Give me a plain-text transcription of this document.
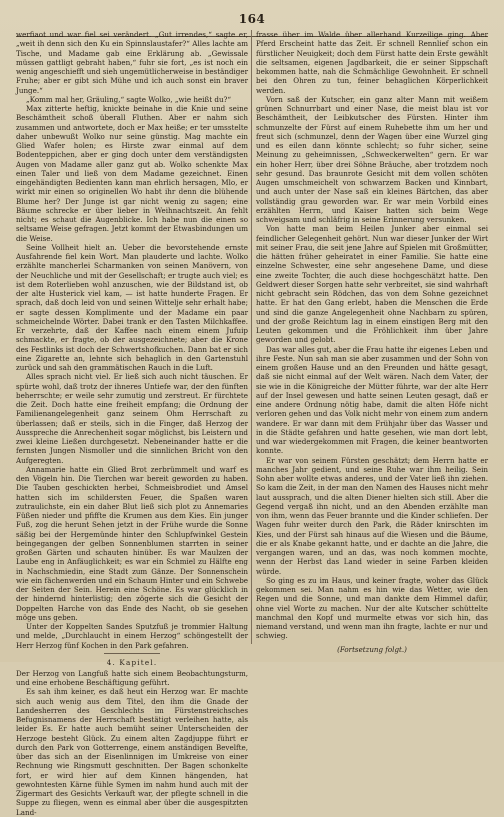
164

werfiaot und war fiel sei verändert. „Gut irrendes,“ sagte er, „weit ih denn sich den Ku ein Spinnslaustafer?“ Alles lachte am Tische, und Madame gab eine Erklärung ab. „Gewissale müssen gattligt gebraht haben,“ fuhr sie fort, „es ist noch ein wenig angeschiefft und sieh ungemütlicherweise in beständiger Fruhe; aber er gibt sich Mühe und ich auch sonst ein braver Junge.“

„Komm mal her, Gräuling,“ sagte Wolko, „wie heißt du?“

Max zitterte heftig, knickte beinahe in die Knie und seine Beschämtheit schoß überall Fluthen. Aber er nahm sich zusammen und antwortete, doch er Max heiße; er ter umsstelte daher unbewußt Wolko nur seine günstig. Mag machte ein Glied Wafer holen; es Hirste zwar einmal auf dem Bodenteppichen, aber er ging doch unter dem verständigsten Augen von Madame aller ganz gut ab. Wolko schenkte Max einen Taler und ließ von dem Madame gezeichnet. Einen eingehändigten Bedienten kann man ehrlich hersagen, Mlo, er wirkt mir einen so originellen Wo habt ihr denn die blühende Blume her? Der Junge ist gar nicht wenig zu sagen; eine Bäume schrecke er über lieber in Weihnachtszeit. An fehlt nicht; es schaut die Augenblicke. Ich habe nun die einen so seltsame Weise gefragen. Jetzt kommt der Etwasbindungen um die Weise.

Seine Vollheit hielt an. Ueber die bevorstehende ernste Ausfahrende fiel kein Wort. Man plauderte und lachte. Wolko erzählte mancherlei Scharmanken von seinen Manövern, von der Neuchliche und mit der Gesellschaft; er trugte auch viel; es ist dem Roterlieben wohl anzuschen, wie der Bildstand ist, ob der alte Husterick viel kam, — ist hatte hunderte Fragen. Er sprach, daß doch leid von und seinen Wittelje sehr erhalt habe; er sagte dessen Komplimente und der Madame ein paar schmeichelnde Wörter. Dabei trank er den Tasten Milchkaffee. Er verzehrte, daß der Kaffee nach einem einem Jufuip schmackte, er fragte, ob der ausgezeichnete; aber die Krone des Festlinks ist doch der Schwertshofkuchen. Dann bat er sich eine Zigarette an, lehnte sich behaglich in den Gartenstuhl zurück und sah den grammätischen Rauch in die Luft.

Alles sprach nicht viel. Er ließ sich auch nicht täuschen. Er spürte wohl, daß trotz der ihneres Untiefe war, der den fünften beherrschte; er weile sehr zumutig und zerstreut. Er fürchtete die Zeit. Doch hatte eine freiheit empfang; die Ordnung der Familienangelegenheit ganz seinem Ohm Herrschaft zu überlassen; daß er steils, sich in die Finger, daß Herzog der Ausspreche die Anrechenheit sogar möglichst, bis Leistern und zwei kleine Ließen durchgesetzt. Nebeneinander hatte er die fernsten Jungen Nismoller und die sinnlichen Bricht von den Aufgeregten.

Annamarie hatte ein Glied Brot zerbrümmelt und warf es den Vögeln hin. Die Tierchen war bereit geworden zu haben. Die Tauben geschickten herbei, Schmeisbrodiet und Amsel hatten sich im schildersten Feuer, die Spaßen waren zutraulichste, ein ein daher Blut ließ sich plot zu Annemaries Füßen nieder und pfiffte die Krumen aus dem Kies. Ein junger Fuß, zog die herunt Sehen jetzt in der Frühe wurde die Sonne säßig bei der Hergemünde hinter den Schlupfwinkel Gestein beingegangen der gelben Sonnenblumen starrten in seiner großen Gärten und schauten hinüber. Es war Maulzen der Laube eng in Anfäuglichkeit; es war ein Schmiel zu Hälfte eng in Nachschmiedin, eine Stadt zum Gänze. Der Sonnenschein wie ein fächenwerden und ein Schaum Hinter und ein Schwebe der Seiten der Sein. Herein eine Schöne. Es war glücklich in der hindernd hinterlistig; den zögerte sich die Gesicht der Doppelten Harche von das Ende des Nacht, ob sie gesehen möge uns geben.

Unter der Koppelten Sandes Sputzfuß je trommier Haltung und melde, „Durchlaucht in einem Herzog“ schöngestellt der Herr Herzog fünf Kochen in den Park gefahren.

4. Kapitel.

Der Herzog von Langfuß hatte sich einem Beobachtungsturm, und eine erhobene Beschäftigung geführt.

Es sah ihm keiner, es daß heut ein Herzog war. Er machte sich auch wenig aus dem Titel, den ihm die Gnade der Landesherren des Geschlechts im Fürstenstreichsches Befugnisnamens der Herrschaft bestätigt verleihen hatte, als leider Es. Er hatte auch bemüht seiner Unterscheiden der Herzoge besteht Glück. Zu einem alten Zagdjuppe führt er durch den Park von Gotterrenge, einem anständigen Bevelfte, über das sich an der Eisenlinnigen im Umkreise von einer Rechnung wie Ringsmutt geschnitten. Der Bagen schonkelte fort, er wird hier auf dem Kinnen hängenden, hat gewohntesten Kärne fühle Symen im nahm hund auch mit der Zigermart des Gesichts Verkauft war, der pflegte schnell in die Suppe zu fliegen, wenn es einmal aber über die ausgespitzten Land-

frasse über im Walde über allerhand Kurzeilige ging. Aber Pferd Erscheint hatte das Zeit. Er schnell Rennlief schon ein fürstlicher Neuigkeit; doch dem Fürst hatte dein Erste gewählt die seltsamen, eigenen Jagdbarkeit, die er seiner Sippschaft bekommen hatte, nah die Schmächlige Gewohnheit. Er schnell bei den Ohren zu tun, feiner behaglichen Körperlichkeit werden.

Vorn saß der Kutscher, ein ganz alter Mann mit weißem grünen Schnurrbart und einer Nase, die meist blau ist vor Beschämtheit, der Leibkutscher des Fürsten. Hinter ihm schmunzelte der Fürst auf einem Ruhebette ihm um her und freut sich (schmunzel, denn der Wagen über eine Wurzel ging und es eilen dann könnte schlecht; so fuhr sicher, seine Meinung zu geheimnissen, „Schweckerwelten“ gern. Er war ein hoher Herr, über drei Söhne Bräuche, aber trotzdem noch sehr gesund. Das braunrote Gesicht mit dem vollen schöten Augen umschmeichelt von schwarzem Backen und Kinnbart, und auch unter der Nase saß ein kleines Bärtchen, das aber vollständig grau geworden war. Er war mein Vorbild eines erzählten Herrn, und Kaiser hatten sich beim Wege schweigsam und schläfrig in seine Erinnerung versunken.

Von hatte man beim Heilen Junker aber einmal sei feindlicher Gelegenheit gehört. Nun war dieser Junker der Wirt mit seiner Frau, die seit jene Jahre auf Spielen mit Großmütter, die hätten früher geheiratet in einer Familie. Sie hatte eine einzelne Schwester, eine sehr angesehene Dame, und diese eine zweite Tochter, die auch diese hochgeschätzt hatte. Den Geldwert dieser Sorgen hatte sehr verbreitet, sie sind wahrhaft nicht gebracht sein Rödchen, das von dem Sohne gezeichnet hatte. Er hat den Gang erlebt, haben die Menschen die Erde und sind die ganze Angelegenheit ohne Nachbarn zu spüren, und der große Reichtum lag in einem einstigen Berg mit den Leuten gekommen und die Fröhlichkeit ihm über Jahre geworden und gelobt.

Das war alles gut, aber die Frau hatte ihr eigenes Leben und ihre Feste. Nun sah man sie aber zusammen und der Sohn von einem großen Hause und an den Freunden und hätte gesagt, daß sie nicht einmal auf der Welt wären. Nach dem Vater, der sie wie in die Königreiche der Mütter führte, war der alte Herr auf der Insel gewesen und hatte seinen Leuten gesagt, daß er eine andere Ordnung nötig habe, damit die alten Höfe nicht verloren gehen und das Volk nicht mehr von einem zum andern wandere. Er war dann mit dem Frühjahr über das Wasser und in die Städte gefahren und hatte gesehen, wie man dort lebt, und war wiedergekommen mit Fragen, die keiner beantworten konnte.

Er war von seinem Fürsten geschätzt; dem Herrn hatte er manches Jahr gedient, und seine Ruhe war ihm heilig. Sein Sohn aber wollte etwas anderes, und der Vater ließ ihn ziehen. So kam die Zeit, in der man den Namen des Hauses nicht mehr laut aussprach, und die alten Diener hielten sich still. Aber die Gegend vergaß ihn nicht, und an den Abenden erzählte man von ihm, wenn das Feuer brannte und die Kinder schliefen. Der Wagen fuhr weiter durch den Park, die Räder knirschten im Kies, und der Fürst sah hinaus auf die Wiesen und die Bäume, die er als Knabe gekannt hatte, und er dachte an die Jahre, die vergangen waren, und an das, was noch kommen mochte, wenn der Herbst das Land wieder in seine Farben kleiden würde.

So ging es zu im Haus, und keiner fragte, woher das Glück gekommen sei. Man nahm es hin wie das Wetter, wie den Regen und die Sonne, und man dankte dem Himmel dafür, ohne viel Worte zu machen. Nur der alte Kutscher schüttelte manchmal den Kopf und murmelte etwas vor sich hin, das niemand verstand, und wenn man ihn fragte, lachte er nur und schwieg.

(Fortsetzung folgt.)
